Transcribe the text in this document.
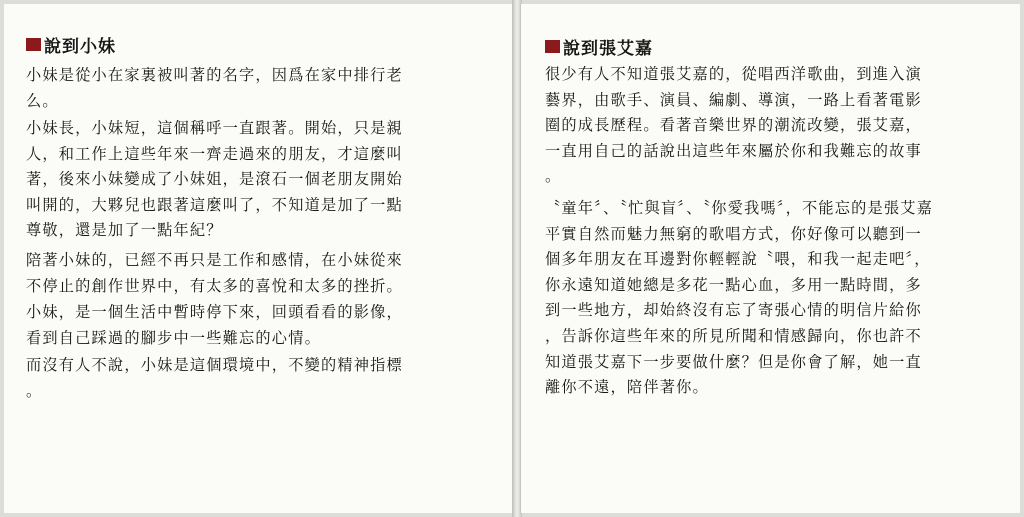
說到小妹

小妹是從小在家裏被叫著的名字，因爲在家中排行老
么。

小妹長，小妹短，這個稱呼一直跟著。開始，只是親
人，和工作上這些年來一齊走過來的朋友，才這麼叫
著，後來小妹變成了小妹姐，是滾石一個老朋友開始
叫開的，大夥兒也跟著這麼叫了，不知道是加了一點
尊敬，還是加了一點年紀？

陪著小妹的，已經不再只是工作和感情，在小妹從來
不停止的創作世界中，有太多的喜悅和太多的挫折。

小妹，是一個生活中暫時停下來，回頭看看的影像，
看到自己踩過的腳步中一些難忘的心情。

而沒有人不說，小妹是這個環境中，不變的精神指標
。

說到張艾嘉

很少有人不知道張艾嘉的，從唱西洋歌曲，到進入演
藝界，由歌手、演員、編劇、導演，一路上看著電影
圈的成長歷程。看著音樂世界的潮流改變，張艾嘉，
一直用自己的話說出這些年來屬於你和我難忘的故事
。

〝童年〞、〝忙與盲〞、〝你愛我嗎〞，不能忘的是張艾嘉
平實自然而魅力無窮的歌唱方式，你好像可以聽到一
個多年朋友在耳邊對你輕輕說〝喂，和我一起走吧〞，
你永遠知道她總是多花一點心血，多用一點時間，多
到一些地方，却始終沒有忘了寄張心情的明信片給你
，告訴你這些年來的所見所聞和情感歸向，你也許不
知道張艾嘉下一步要做什麼？但是你會了解，她一直
離你不遠，陪伴著你。
